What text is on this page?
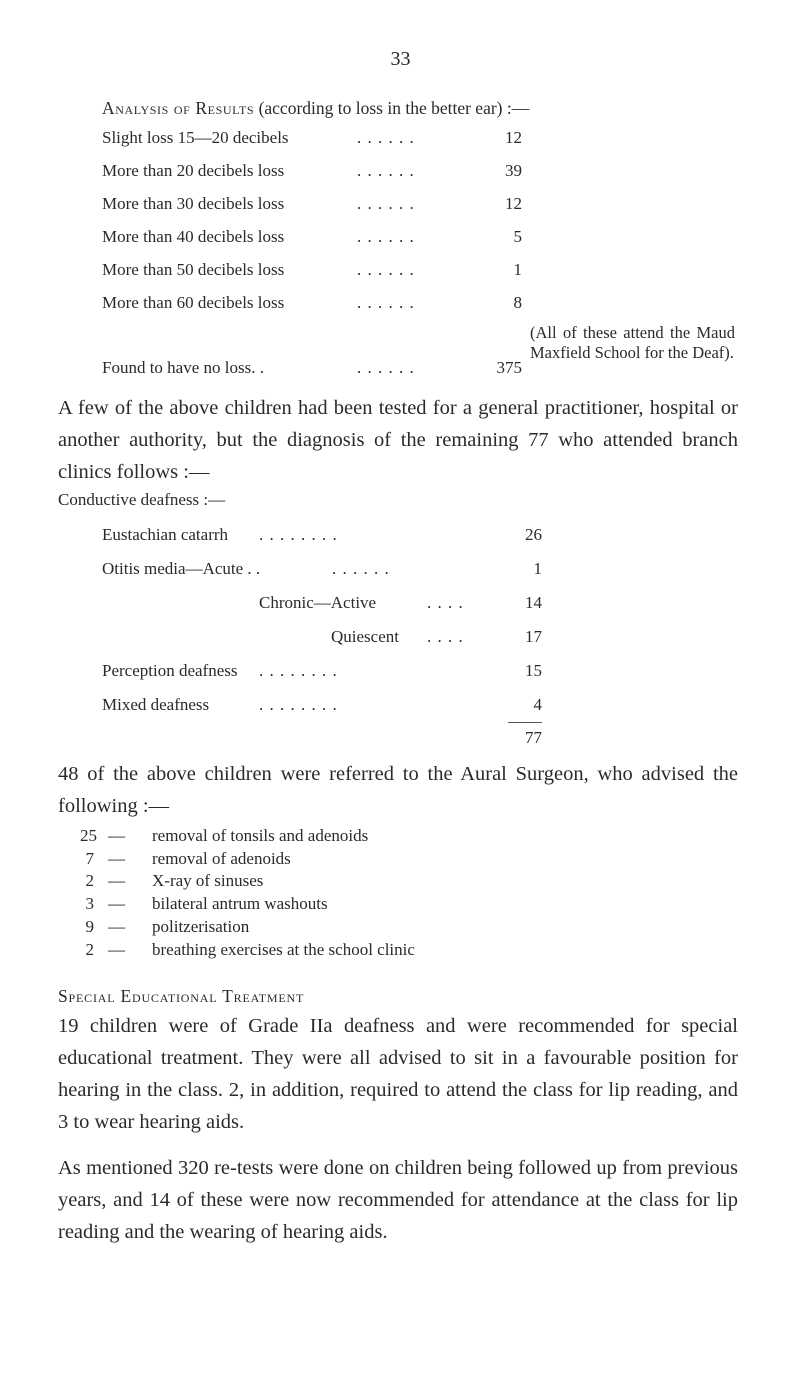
33
Analysis of Results (according to loss in the better ear) :—
Slight loss 15—20 decibels	. . . . . .	12
More than 20 decibels loss	. . . . . .	39
More than 30 decibels loss	. . . . . .	12
More than 40 decibels loss	. . . . . .	5
More than 50 decibels loss	. . . . . .	1
More than 60 decibels loss	. . . . . .	8
(All of these attend the Maud Maxfield School for the Deaf).
Found to have no loss. .	. . . . . .	375
A few of the above children had been tested for a general practitioner, hospital or another authority, but the diagnosis of the remaining 77 who attended branch clinics follows :—
Conductive deafness :—
Eustachian catarrh . . . . . . . .	26
Otitis media—Acute . .	. . . . . .	1
Chronic—Active	. . . .	14
Quiescent . . . .	17
Perception deafness . . . . . . . .	15
Mixed deafness	. . . . . . . .	4
77
48 of the above children were referred to the Aural Surgeon, who advised the following :—
25 — removal of tonsils and adenoids
7 — removal of adenoids
2 — X-ray of sinuses
3 — bilateral antrum washouts
9 — politzerisation
2 — breathing exercises at the school clinic
Special Educational Treatment
19 children were of Grade IIa deafness and were recommended for special educational treatment. They were all advised to sit in a favourable position for hearing in the class. 2, in addition, required to attend the class for lip reading, and 3 to wear hearing aids.
As mentioned 320 re-tests were done on children being followed up from previous years, and 14 of these were now recommended for attendance at the class for lip reading and the wearing of hearing aids.
